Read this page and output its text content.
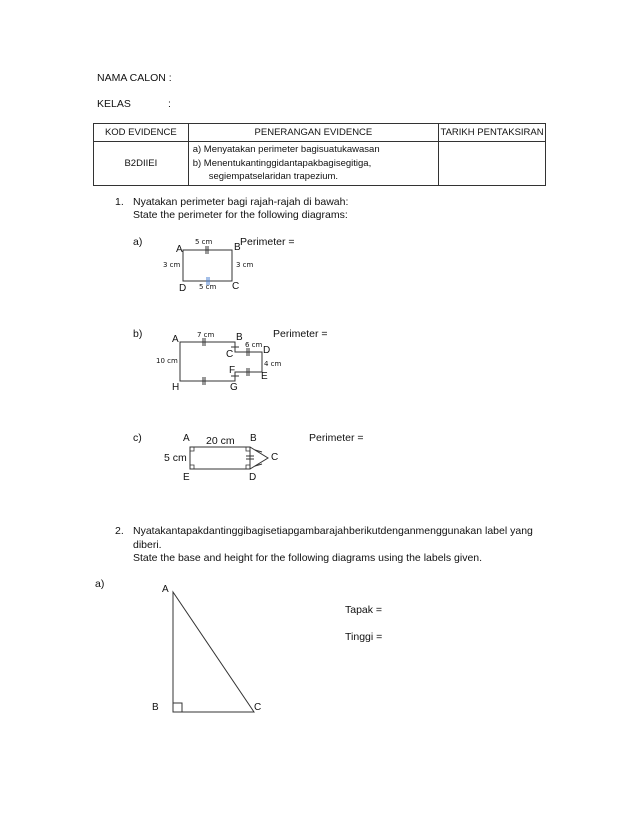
NAMA CALON :
KELAS	:
KOD EVIDENCE	PENERANGAN EVIDENCE	TARIKH PENTAKSIRAN
B2DIIEI	a) Menyatakan perimeter bagisuatukawasan
b) Menentukantinggidantapakbagisegitiga,
segiempatselaridan trapezium.	

1. Nyatakan perimeter bagi rajah-rajah di bawah:
State the perimeter for the following diagrams:
a)	Perimeter =
A	B
C
D
5 cm
3 cm	3 cm
5 cm
b)	Perimeter =
A	B
C	D
E
F
G
H
7 cm
6 cm
4 cm
10 cm
c)	Perimeter =
A	B
C
D
E
20 cm
5 cm
2. Nyatakantapakdantinggibagisetiapgambarajahberikutdenganmenggunakan label yang
diberi.
State the base and height for the following diagrams using the labels given.
a)	A
B	C
Tapak =
Tinggi =
